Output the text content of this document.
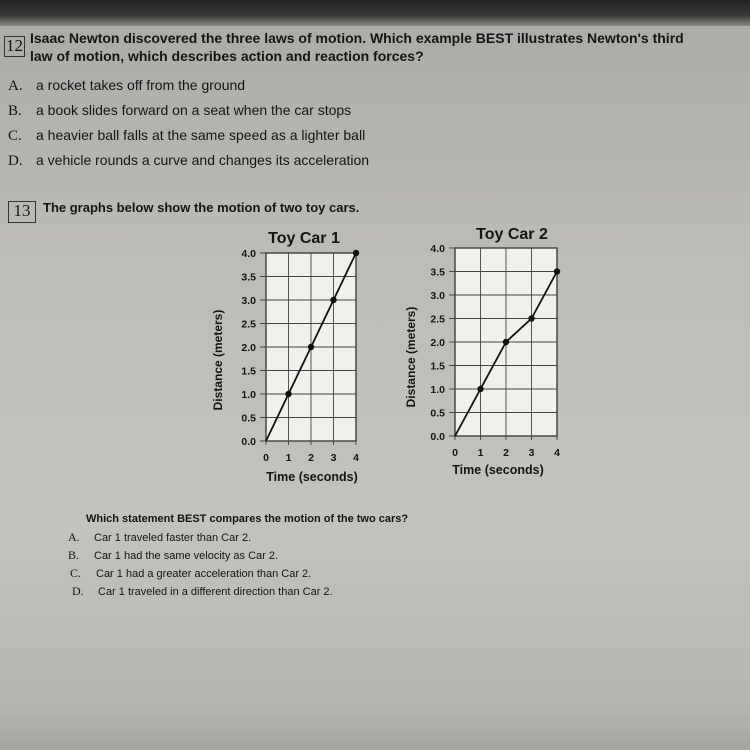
12 Isaac Newton discovered the three laws of motion. Which example BEST illustrates Newton's third
law of motion, which describes action and reaction forces?
A. a rocket takes off from the ground
B. a book slides forward on a seat when the car stops
C. a heavier ball falls at the same speed as a lighter ball
D. a vehicle rounds a curve and changes its acceleration
13 The graphs below show the motion of two toy cars.
Toy Car 1
0.0
0.5
1.0
1.5
2.0
2.5
3.0
3.5
4.0
0 1 2 3 4
Distance (meters)
Time (seconds)
Toy Car 2
0.0
0.5
1.0
1.5
2.0
2.5
3.0
3.5
4.0
0 1 2 3 4
Distance (meters)
Time (seconds)
Which statement BEST compares the motion of the two cars?
A. Car 1 traveled faster than Car 2.
B. Car 1 had the same velocity as Car 2.
C. Car 1 had a greater acceleration than Car 2.
D. Car 1 traveled in a different direction than Car 2.
